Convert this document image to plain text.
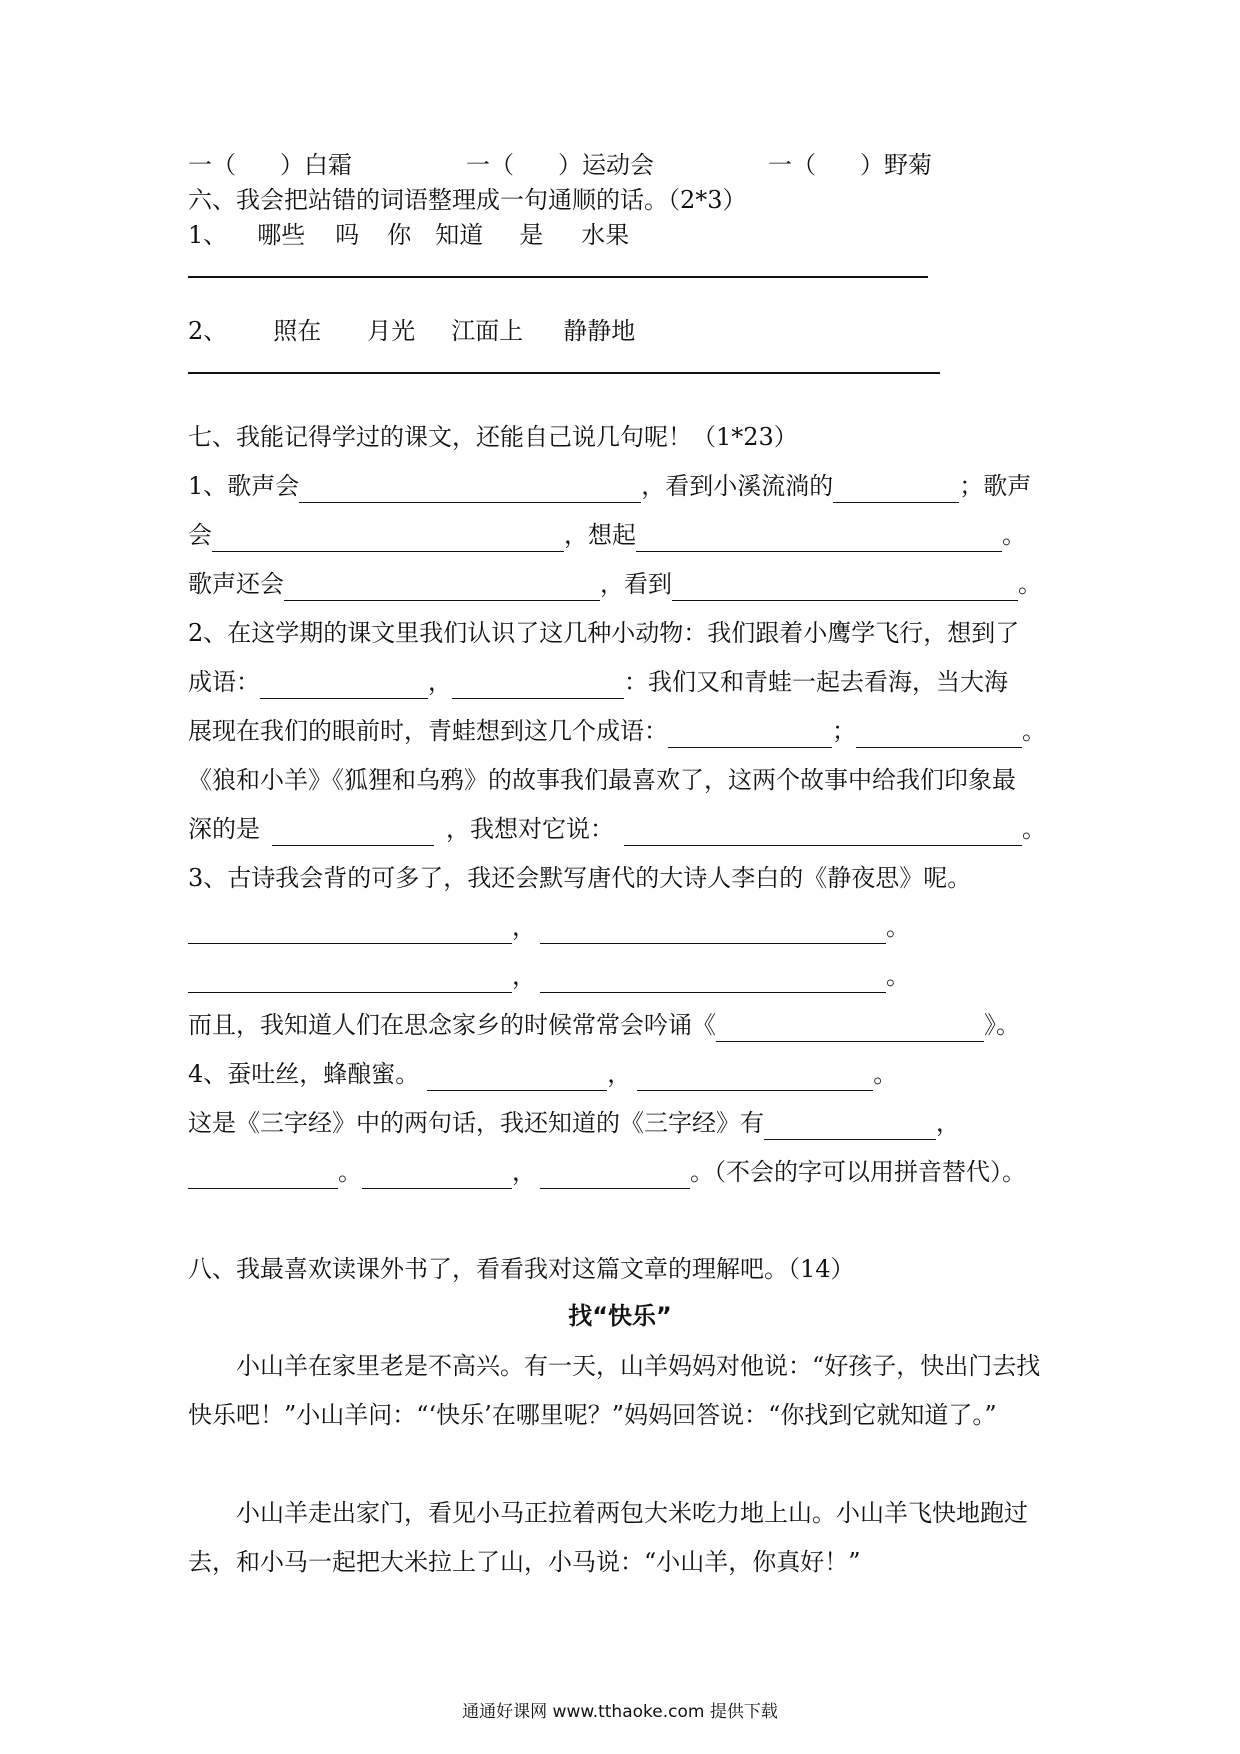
一（ ）白霜	一（ ）运动会	一（ ）野菊
六、我会把站错的词语整理成一句通顺的话。（2*3）
1、 哪些 吗 你 知道 是 水果
2、 照在 月光 江面上 静静地
七、我能记得学过的课文，还能自己说几句呢！（1*23）
1、歌声会	，看到小溪流淌的	；歌声
会	，想起	。
歌声还会	，看到	。
2、在这学期的课文里我们认识了这几种小动物：我们跟着小鹰学飞行，想到了
成语：	，	：我们又和青蛙一起去看海，当大海
展现在我们的眼前时，青蛙想到这几个成语：	；	。
《狼和小羊》《狐狸和乌鸦》的故事我们最喜欢了，这两个故事中给我们印象最
深的是	，我想对它说：	。
3、古诗我会背的可多了，我还会默写唐代的大诗人李白的《静夜思》呢。
，	。
，	。
而且，我知道人们在思念家乡的时候常常会吟诵《	》。
4、蚕吐丝，蜂酿蜜。	，	。
这是《三字经》中的两句话，我还知道的《三字经》有	，
。	，	。（不会的字可以用拼音替代）。
八、我最喜欢读课外书了，看看我对这篇文章的理解吧。（14）
找“快乐”
小山羊在家里老是不高兴。有一天，山羊妈妈对他说：“好孩子，快出门去找快乐吧！”小山羊问：“‘快乐’在哪里呢？”妈妈回答说：“你找到它就知道了。”
小山羊走出家门，看见小马正拉着两包大米吃力地上山。小山羊飞快地跑过去，和小马一起把大米拉上了山，小马说：“小山羊，你真好！”
通通好课网 www.tthaoke.com 提供下载
